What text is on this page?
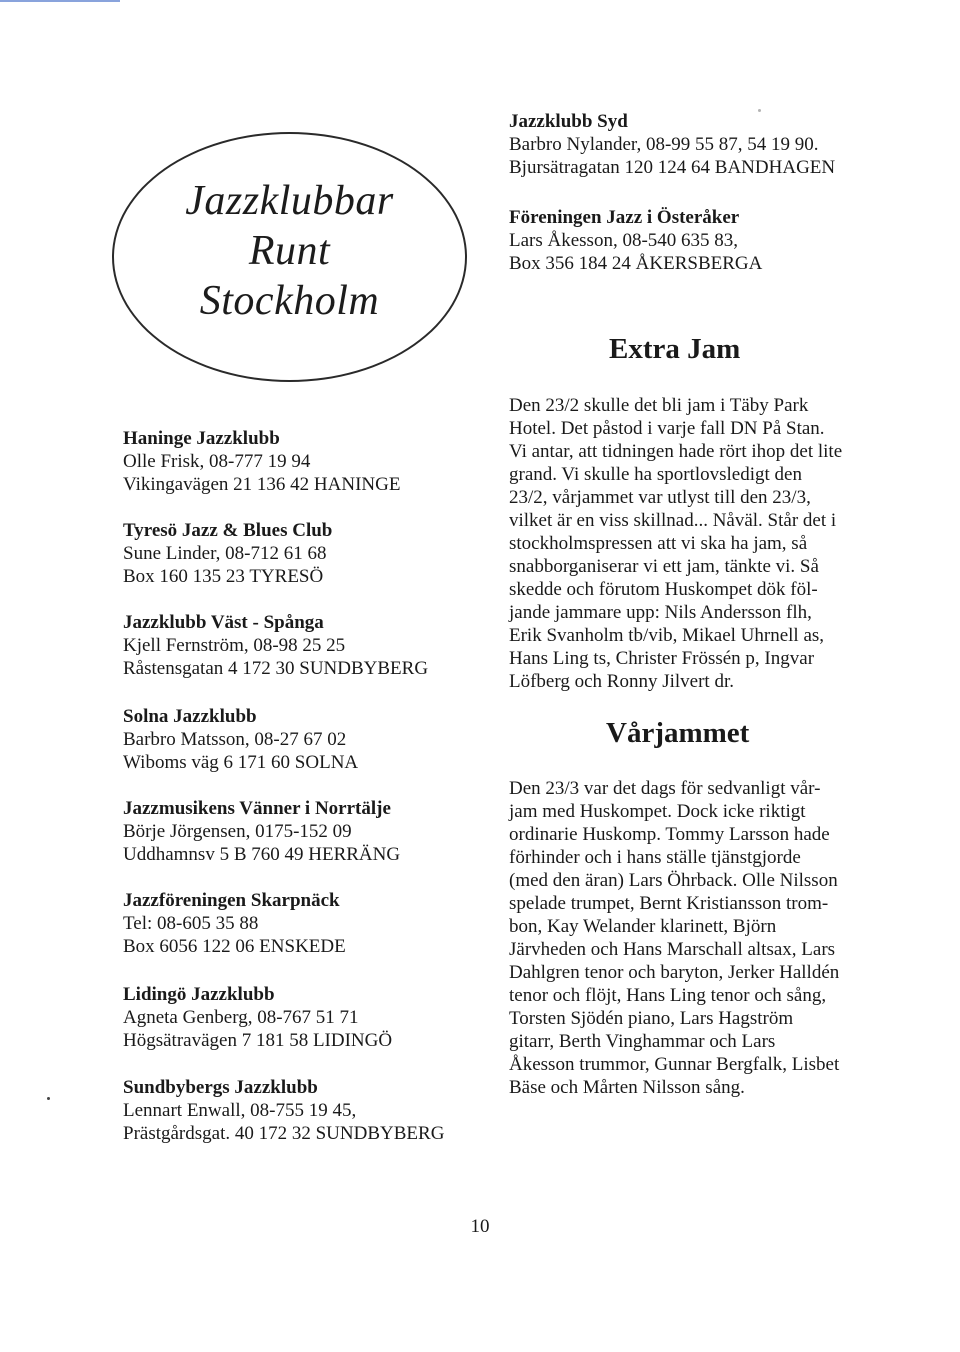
Jazzklubbar
Runt
Stockholm
Jazzklubb Syd
Barbro Nylander, 08-99 55 87, 54 19 90.
Bjursätragatan 120 124 64 BANDHAGEN
Föreningen Jazz i Österåker
Lars Åkesson, 08-540 635 83,
Box 356 184 24 ÅKERSBERGA
Extra Jam
Den 23/2 skulle det bli jam i Täby Park
Hotel. Det påstod i varje fall DN På Stan.
Vi antar, att tidningen hade rört ihop det lite
grand. Vi skulle ha sportlovsledigt den
23/2, vårjammet var utlyst till den 23/3,
vilket är en viss skillnad... Nåväl. Står det i
stockholmspressen att vi ska ha jam, så
snabborganiserar vi ett jam, tänkte vi. Så
skedde och förutom Huskompet dök föl-
jande jammare upp: Nils Andersson flh,
Erik Svanholm tb/vib, Mikael Uhrnell as,
Hans Ling ts, Christer Frössén p, Ingvar
Löfberg och Ronny Jilvert dr.
Vårjammet
Den 23/3 var det dags för sedvanligt vår-
jam med Huskompet. Dock icke riktigt
ordinarie Huskomp. Tommy Larsson hade
förhinder och i hans ställe tjänstgjorde
(med den äran) Lars Öhrback. Olle Nilsson
spelade trumpet, Bernt Kristiansson trom-
bon, Kay Welander klarinett, Björn
Järvheden och Hans Marschall altsax, Lars
Dahlgren tenor och baryton, Jerker Halldén
tenor och flöjt, Hans Ling tenor och sång,
Torsten Sjödén piano, Lars Hagström
gitarr, Berth Vinghammar och Lars
Åkesson trummor, Gunnar Bergfalk, Lisbet
Bäse och Mårten Nilsson sång.
Haninge Jazzklubb
Olle Frisk, 08-777 19 94
Vikingavägen 21 136 42 HANINGE
Tyresö Jazz & Blues Club
Sune Linder, 08-712 61 68
Box 160 135 23 TYRESÖ
Jazzklubb Väst - Spånga
Kjell Fernström, 08-98 25 25
Råstensgatan 4 172 30 SUNDBYBERG
Solna Jazzklubb
Barbro Matsson, 08-27 67 02
Wiboms väg 6 171 60 SOLNA
Jazzmusikens Vänner i Norrtälje
Börje Jörgensen, 0175-152 09
Uddhamnsv 5 B 760 49 HERRÄNG
Jazzföreningen Skarpnäck
Tel: 08-605 35 88
Box 6056 122 06 ENSKEDE
Lidingö Jazzklubb
Agneta Genberg, 08-767 51 71
Högsätravägen 7 181 58 LIDINGÖ
Sundbybergs Jazzklubb
Lennart Enwall, 08-755 19 45,
Prästgårdsgat. 40 172 32 SUNDBYBERG
10
